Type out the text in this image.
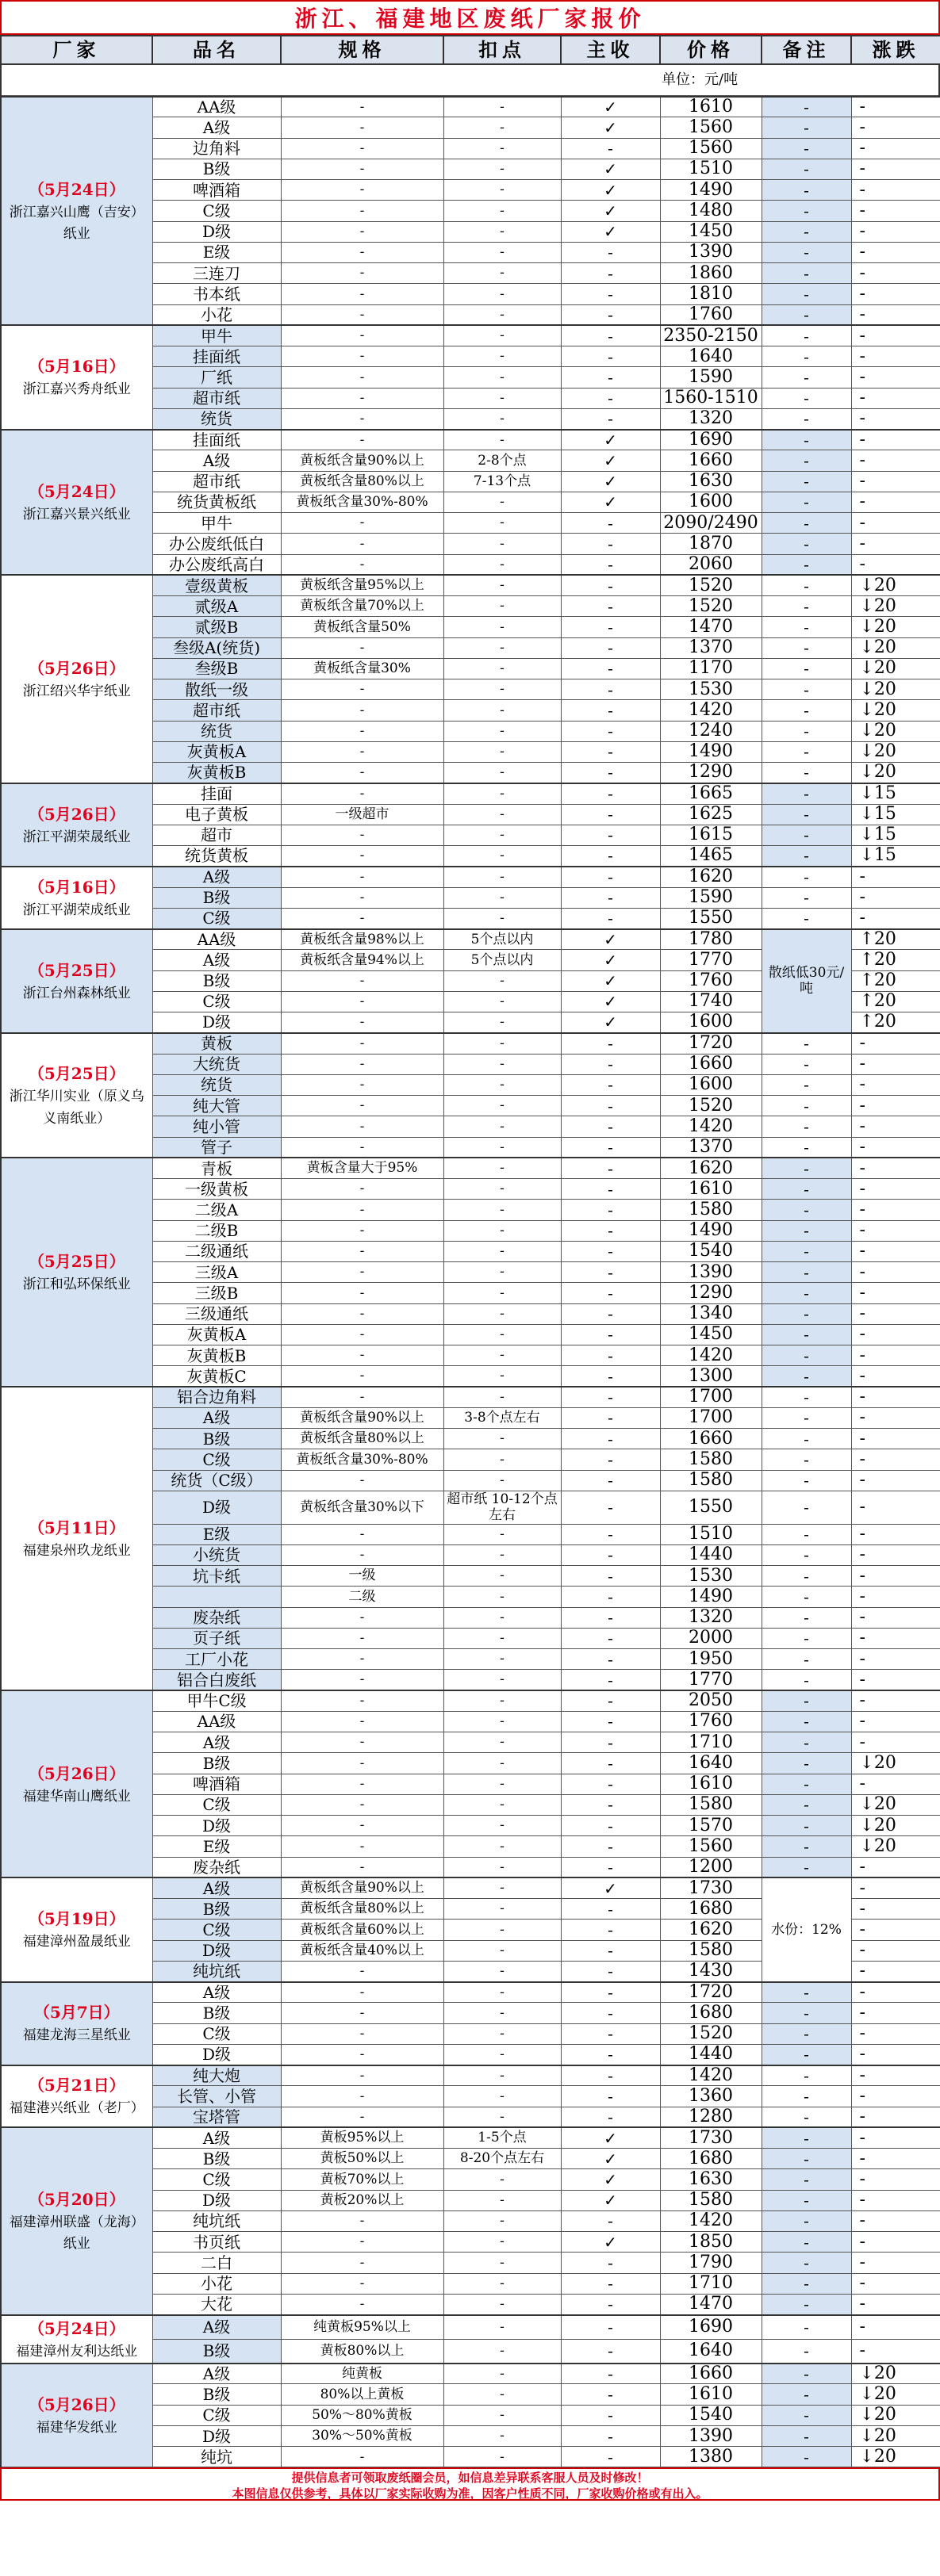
浙江、福建地区废纸厂家报价
厂家	品名	规格	扣点	主收	价格	备注	涨跌
单位：元/吨
（5月24日）
浙江嘉兴山鹰（吉安）纸业	AA级	-	-	✓	1610	-	-
	A级	-	-	✓	1560	-	-
	边角料	-	-	-	1560	-	-
	B级	-	-	✓	1510	-	-
	啤酒箱	-	-	✓	1490	-	-
	C级	-	-	✓	1480	-	-
	D级	-	-	✓	1450	-	-
	E级	-	-	-	1390	-	-
	三连刀	-	-	-	1860	-	-
	书本纸	-	-	-	1810	-	-
	小花	-	-	-	1760	-	-

（5月16日）
浙江嘉兴秀舟纸业	甲牛	-	-	-	2350-2150	-	-
	挂面纸	-	-	-	1640	-	-
	厂纸	-	-	-	1590	-	-
	超市纸	-	-	-	1560-1510	-	-
	统货	-	-	-	1320	-	-

（5月24日）
浙江嘉兴景兴纸业	挂面纸	-	-	✓	1690	-	-
	A级	黄板纸含量90%以上	2-8个点	✓	1660	-	-
	超市纸	黄板纸含量80%以上	7-13个点	✓	1630	-	-
	统货黄板纸	黄板纸含量30%-80%	-	✓	1600	-	-
	甲牛	-	-	-	2090/2490	-	-
	办公废纸低白	-	-	-	1870	-	-
	办公废纸高白	-	-	-	2060	-	-

（5月26日）
浙江绍兴华宇纸业	壹级黄板	黄板纸含量95%以上	-	-	1520	-	↓20
	贰级A	黄板纸含量70%以上	-	-	1520	-	↓20
	贰级B	黄板纸含量50%	-	-	1470	-	↓20
	叁级A(统货)	-	-	-	1370	-	↓20
	叁级B	黄板纸含量30%	-	-	1170	-	↓20
	散纸一级	-	-	-	1530	-	↓20
	超市纸	-	-	-	1420	-	↓20
	统货	-	-	-	1240	-	↓20
	灰黄板A	-	-	-	1490	-	↓20
	灰黄板B	-	-	-	1290	-	↓20

（5月26日）
浙江平湖荣晟纸业	挂面	-	-	-	1665	-	↓15
	电子黄板	一级超市	-	-	1625	-	↓15
	超市	-	-	-	1615	-	↓15
	统货黄板	-	-	-	1465	-	↓15

（5月16日）
浙江平湖荣成纸业	A级	-	-	-	1620	-	-
	B级	-	-	-	1590	-	-
	C级	-	-	-	1550	-	-

（5月25日）
浙江台州森林纸业	AA级	黄板纸含量98%以上	5个点以内	✓	1780	散纸低30元/吨	↑20
	A级	黄板纸含量94%以上	5个点以内	✓	1770		↑20
	B级	-	-	✓	1760		↑20
	C级	-	-	✓	1740		↑20
	D级	-	-	✓	1600		↑20

（5月25日）
浙江华川实业（原义乌义南纸业）	黄板	-	-	-	1720	-	-
	大统货	-	-	-	1660	-	-
	统货	-	-	-	1600	-	-
	纯大管	-	-	-	1520	-	-
	纯小管	-	-	-	1420	-	-
	管子	-	-	-	1370	-	-

（5月25日）
浙江和弘环保纸业	青板	黄板含量大于95%	-	-	1620	-	-
	一级黄板	-	-	-	1610	-	-
	二级A	-	-	-	1580	-	-
	二级B	-	-	-	1490	-	-
	二级通纸	-	-	-	1540	-	-
	三级A	-	-	-	1390	-	-
	三级B	-	-	-	1290	-	-
	三级通纸	-	-	-	1340	-	-
	灰黄板A	-	-	-	1450	-	-
	灰黄板B	-	-	-	1420	-	-
	灰黄板C	-	-	-	1300	-	-

（5月11日）
福建泉州玖龙纸业	铝合边角料	-	-	-	1700	-	-
	A级	黄板纸含量90%以上	3-8个点左右	-	1700	-	-
	B级	黄板纸含量80%以上	-	-	1660	-	-
	C级	黄板纸含量30%-80%	-	-	1580	-	-
	统货（C级）	-	-	-	1580	-	-
	D级	黄板纸含量30%以下	超市纸 10-12个点左右	-	1550	-	-
	E级	-	-	-	1510	-	-
	小统货	-	-	-	1440	-	-
	坑卡纸	一级	-	-	1530	-	-
		二级	-	-	1490	-	-
	废杂纸	-	-	-	1320	-	-
	页子纸	-	-	-	2000	-	-
	工厂小花	-	-	-	1950	-	-
	铝合白废纸	-	-	-	1770	-	-

（5月26日）
福建华南山鹰纸业	甲牛C级	-	-	-	2050	-	-
	AA级	-	-	-	1760	-	-
	A级	-	-	-	1710	-	-
	B级	-	-	-	1640	-	↓20
	啤酒箱	-	-	-	1610	-	-
	C级	-	-	-	1580	-	↓20
	D级	-	-	-	1570	-	↓20
	E级	-	-	-	1560	-	↓20
	废杂纸	-	-	-	1200	-	-

（5月19日）
福建漳州盈晟纸业	A级	黄板纸含量90%以上	-	✓	1730	水份：12%	-
	B级	黄板纸含量80%以上	-	-	1680		-
	C级	黄板纸含量60%以上	-	-	1620		-
	D级	黄板纸含量40%以上	-	-	1580		-
	纯坑纸	-	-	-	1430		-

（5月7日）
福建龙海三星纸业	A级	-	-	-	1720	-	-
	B级	-	-	-	1680	-	-
	C级	-	-	-	1520	-	-
	D级	-	-	-	1440	-	-

（5月21日）
福建港兴纸业（老厂）	纯大炮	-	-	-	1420	-	-
	长管、小管	-	-	-	1360	-	-
	宝塔管	-	-	-	1280	-	-

（5月20日）
福建漳州联盛（龙海）纸业	A级	黄板95%以上	1-5个点	✓	1730	-	-
	B级	黄板50%以上	8-20个点左右	✓	1680	-	-
	C级	黄板70%以上	-	✓	1630	-	-
	D级	黄板20%以上	-	✓	1580	-	-
	纯坑纸	-	-	-	1420	-	-
	书页纸	-	-	✓	1850	-	-
	二白	-	-	-	1790	-	-
	小花	-	-	-	1710	-	-
	大花	-	-	-	1470	-	-

（5月24日）
福建漳州友利达纸业	A级	纯黄板95%以上	-	-	1690	-	-
	B级	黄板80%以上	-	-	1640	-	-

（5月26日）
福建华发纸业	A级	纯黄板	-	-	1660	-	↓20
	B级	80%以上黄板	-	-	1610	-	↓20
	C级	50%～80%黄板	-	-	1540	-	↓20
	D级	30%～50%黄板	-	-	1390	-	↓20
	纯坑	-	-	-	1380	-	↓20
提供信息者可领取废纸圈会员，如信息差异联系客服人员及时修改！
本图信息仅供参考，具体以厂家实际收购为准，因客户性质不同，厂家收购价格或有出入。
